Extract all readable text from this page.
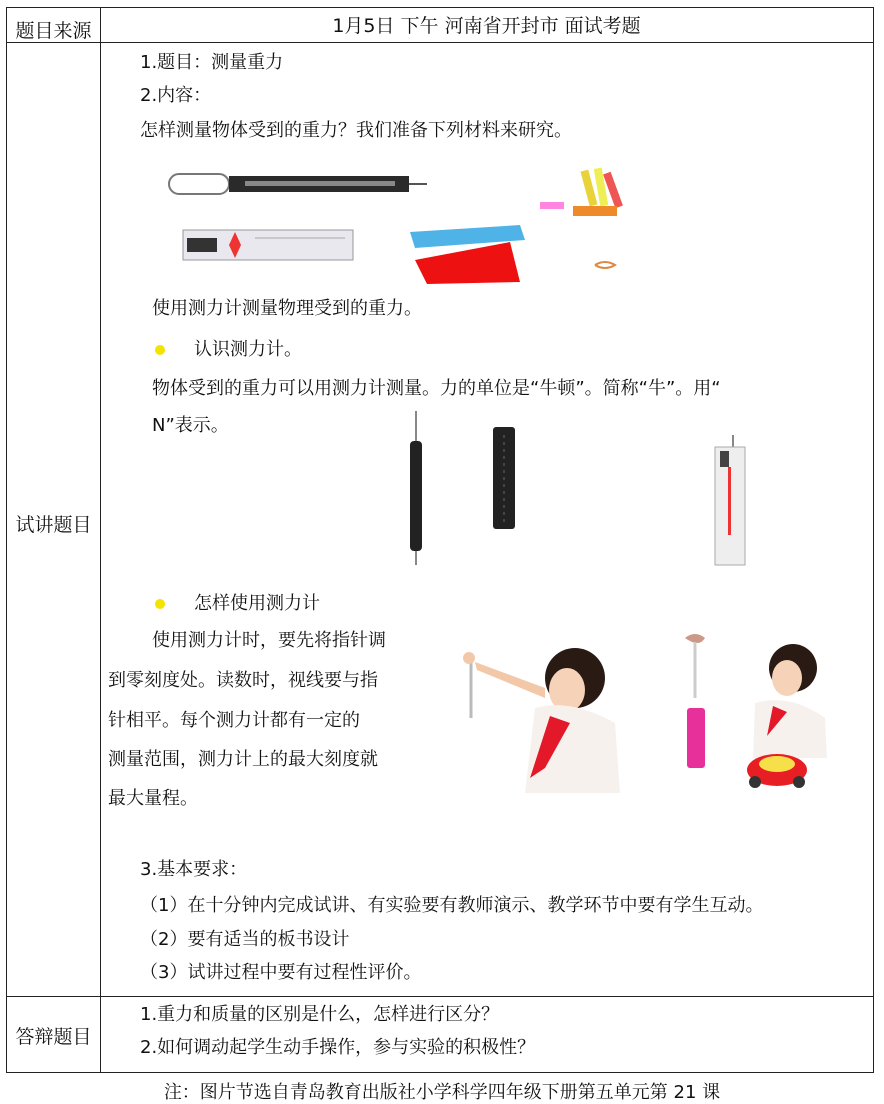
题目来源	1月5日 下午 河南省开封市 面试考题
试讲题目
答辩题目
1.题目：测量重力
2.内容：
怎样测量物体受到的重力？我们准备下列材料来研究。
使用测力计测量物理受到的重力。
认识测力计。
物体受到的重力可以用测力计测量。力的单位是“牛顿”。简称“牛”。用“
N”表示。
怎样使用测力计
使用测力计时，要先将指针调
到零刻度处。读数时，视线要与指
针相平。每个测力计都有一定的
测量范围，测力计上的最大刻度就
最大量程。
3.基本要求：
（1）在十分钟内完成试讲、有实验要有教师演示、教学环节中要有学生互动。
（2）要有适当的板书设计
（3）试讲过程中要有过程性评价。
1.重力和质量的区别是什么，怎样进行区分？
2.如何调动起学生动手操作，参与实验的积极性？
注：图片节选自青岛教育出版社小学科学四年级下册第五单元第 21 课
